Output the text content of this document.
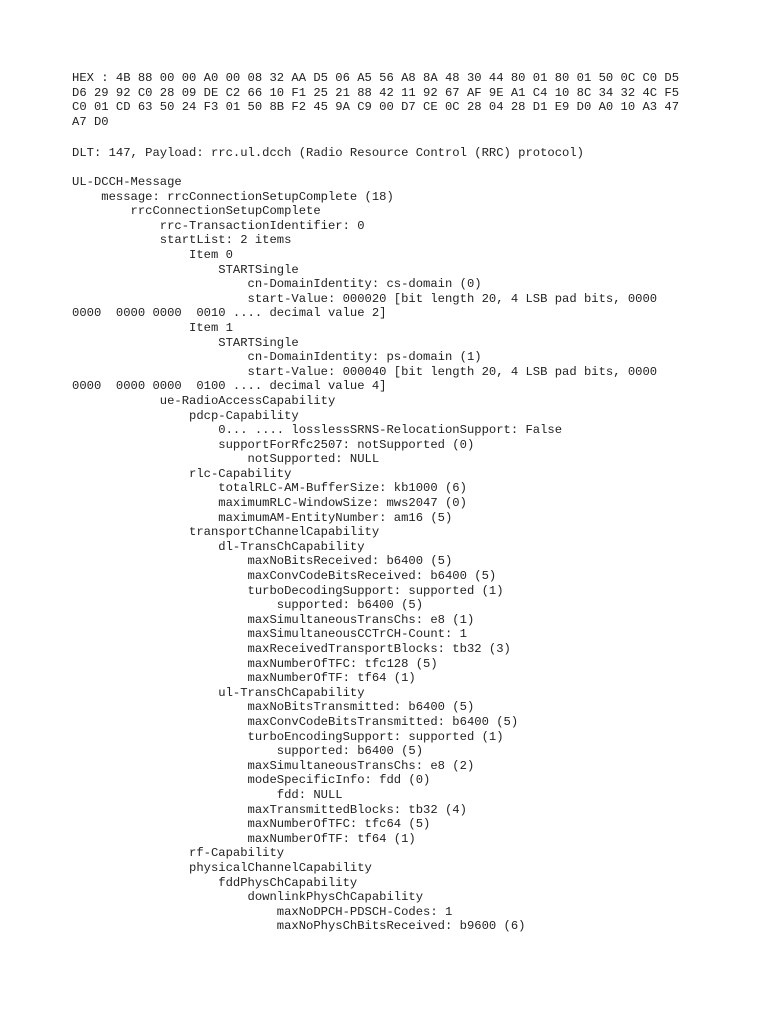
HEX : 4B 88 00 00 A0 00 08 32 AA D5 06 A5 56 A8 8A 48 30 44 80 01 80 01 50 0C C0 D5
D6 29 92 C0 28 09 DE C2 66 10 F1 25 21 88 42 11 92 67 AF 9E A1 C4 10 8C 34 32 4C F5
C0 01 CD 63 50 24 F3 01 50 8B F2 45 9A C9 00 D7 CE 0C 28 04 28 D1 E9 D0 A0 10 A3 47
A7 D0
DLT: 147, Payload: rrc.ul.dcch (Radio Resource Control (RRC) protocol)
UL-DCCH-Message
message: rrcConnectionSetupComplete (18)
rrcConnectionSetupComplete
rrc-TransactionIdentifier: 0
startList: 2 items
Item 0
STARTSingle
cn-DomainIdentity: cs-domain (0)
start-Value: 000020 [bit length 20, 4 LSB pad bits, 0000
0000  0000 0000  0010 .... decimal value 2]
Item 1
STARTSingle
cn-DomainIdentity: ps-domain (1)
start-Value: 000040 [bit length 20, 4 LSB pad bits, 0000
0000  0000 0000  0100 .... decimal value 4]
ue-RadioAccessCapability
pdcp-Capability
0... .... losslessSRNS-RelocationSupport: False
supportForRfc2507: notSupported (0)
notSupported: NULL
rlc-Capability
totalRLC-AM-BufferSize: kb1000 (6)
maximumRLC-WindowSize: mws2047 (0)
maximumAM-EntityNumber: am16 (5)
transportChannelCapability
dl-TransChCapability
maxNoBitsReceived: b6400 (5)
maxConvCodeBitsReceived: b6400 (5)
turboDecodingSupport: supported (1)
supported: b6400 (5)
maxSimultaneousTransChs: e8 (1)
maxSimultaneousCCTrCH-Count: 1
maxReceivedTransportBlocks: tb32 (3)
maxNumberOfTFC: tfc128 (5)
maxNumberOfTF: tf64 (1)
ul-TransChCapability
maxNoBitsTransmitted: b6400 (5)
maxConvCodeBitsTransmitted: b6400 (5)
turboEncodingSupport: supported (1)
supported: b6400 (5)
maxSimultaneousTransChs: e8 (2)
modeSpecificInfo: fdd (0)
fdd: NULL
maxTransmittedBlocks: tb32 (4)
maxNumberOfTFC: tfc64 (5)
maxNumberOfTF: tf64 (1)
rf-Capability
physicalChannelCapability
fddPhysChCapability
downlinkPhysChCapability
maxNoDPCH-PDSCH-Codes: 1
maxNoPhysChBitsReceived: b9600 (6)
